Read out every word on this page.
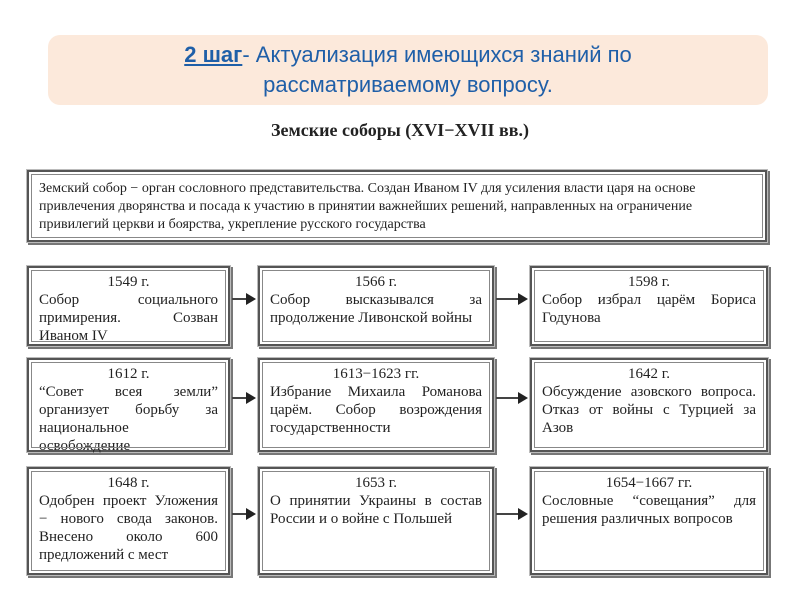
2 шаг- Актуализация имеющихся знаний по
рассматриваемому вопросу.
Земские соборы (XVI−XVII вв.)
Земский собор − орган сословного представительства. Создан Иваном IV для усиления власти царя на основе привлечения дворянства и посада к участию в принятии важнейших решений, направленных на ограничение привилегий церкви и боярства, укрепление русского государства
1549 г.
Собор социального примирения. Созван Иваном IV
1566 г.
Собор высказывался за продолжение Ливонской войны
1598 г.
Собор избрал царём Бориса Годунова
1612 г.
“Совет всея земли” организует борьбу за национальное освобождение
1613−1623 гг.
Избрание Михаила Романова царём. Собор возрождения государственности
1642 г.
Обсуждение азовского вопроса. Отказ от войны с Турцией за Азов
1648 г.
Одобрен проект Уложения − нового свода законов. Внесено около 600 предложений с мест
1653 г.
О принятии Украины в состав России и о войне с Польшей
1654−1667 гг.
Сословные “совещания” для решения различных вопросов
